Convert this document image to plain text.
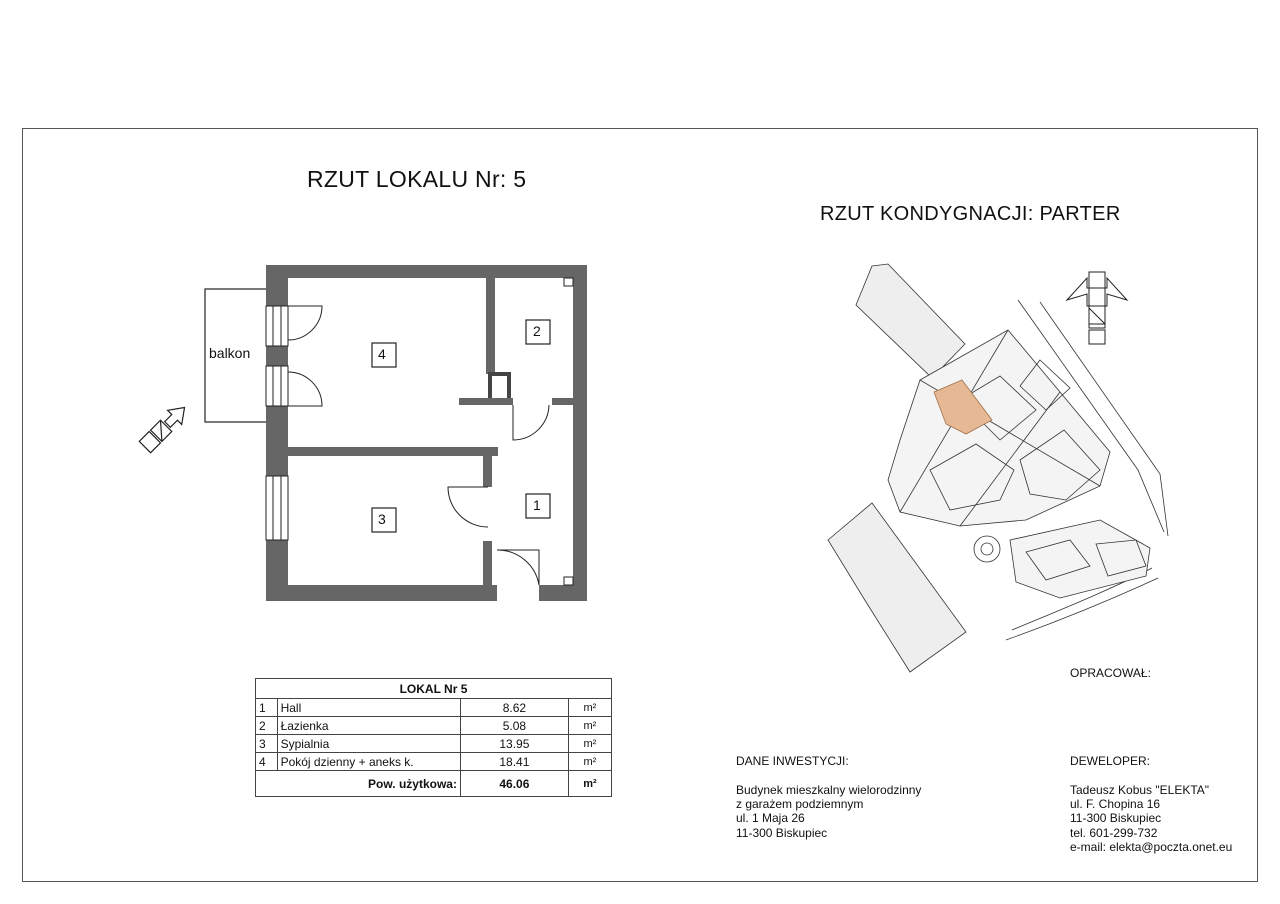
RZUT LOKALU Nr: 5
RZUT KONDYGNACJI: PARTER
balkon	4
2
3
1
LOKAL Nr 5			
1	Hall	8.62	m²
2	Łazienka	5.08	m²
3	Sypialnia	13.95	m²
4	Pokój dzienny + aneks k.	18.41	m²
Pow. użytkowa:		46.06	m²
DANE INWESTYCJI:
Budynek mieszkalny wielorodzinny
z garażem podziemnym
ul. 1 Maja 26
11-300 Biskupiec
OPRACOWAŁ:
DEWELOPER:
Tadeusz Kobus "ELEKTA"
ul. F. Chopina 16
11-300 Biskupiec
tel. 601-299-732
e-mail: elekta@poczta.onet.eu
